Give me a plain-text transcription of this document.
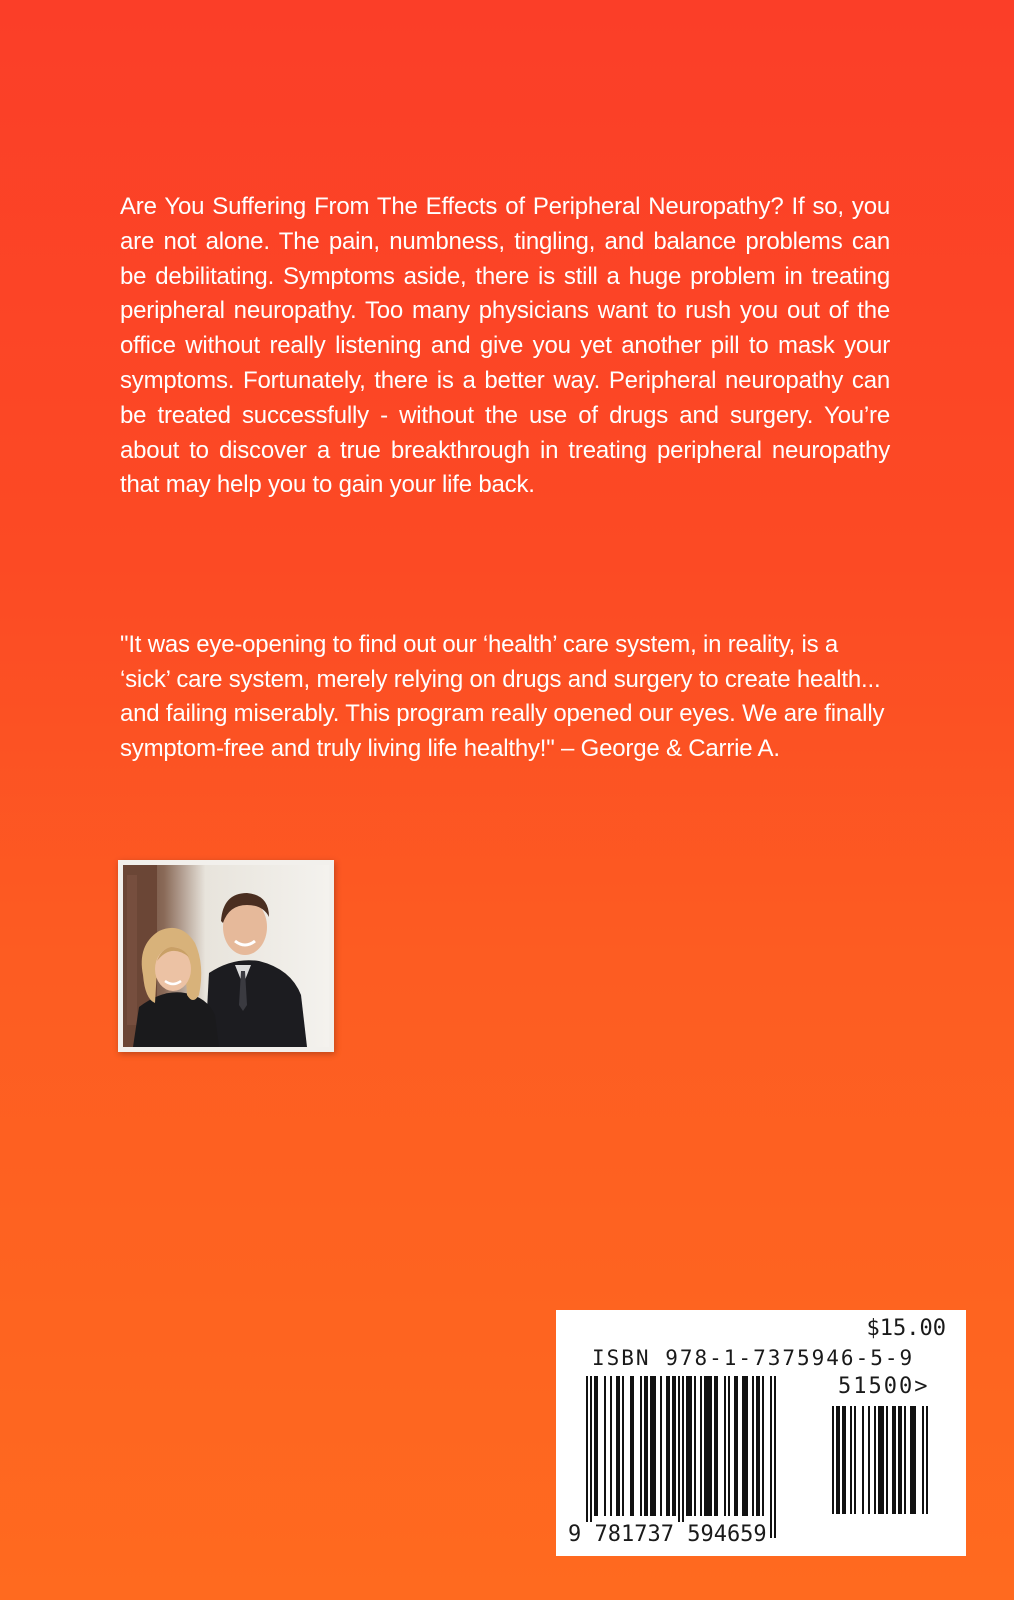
Are You Suffering From The Effects of Peripheral Neuropathy? If so, you are not alone. The pain, numbness, tingling, and balance problems can be debilitating. Symptoms aside, there is still a huge problem in treating peripheral neuropathy. Too many physicians want to rush you out of the office without really listening and give you yet another pill to mask your symptoms. Fortunately, there is a better way. Peripheral neuropathy can be treated successfully - without the use of drugs and surgery. You’re about to discover a true breakthrough in treating peripheral neuropathy that may help you to gain your life back.

"It was eye-opening to find out our ‘health’ care system, in reality, is a ‘sick’ care system, merely relying on drugs and surgery to create health... and failing miserably. This program really opened our eyes. We are finally symptom-free and truly living life healthy!" – George & Carrie A.

$15.00
ISBN 978-1-7375946-5-9
51500>
9 781737 594659
